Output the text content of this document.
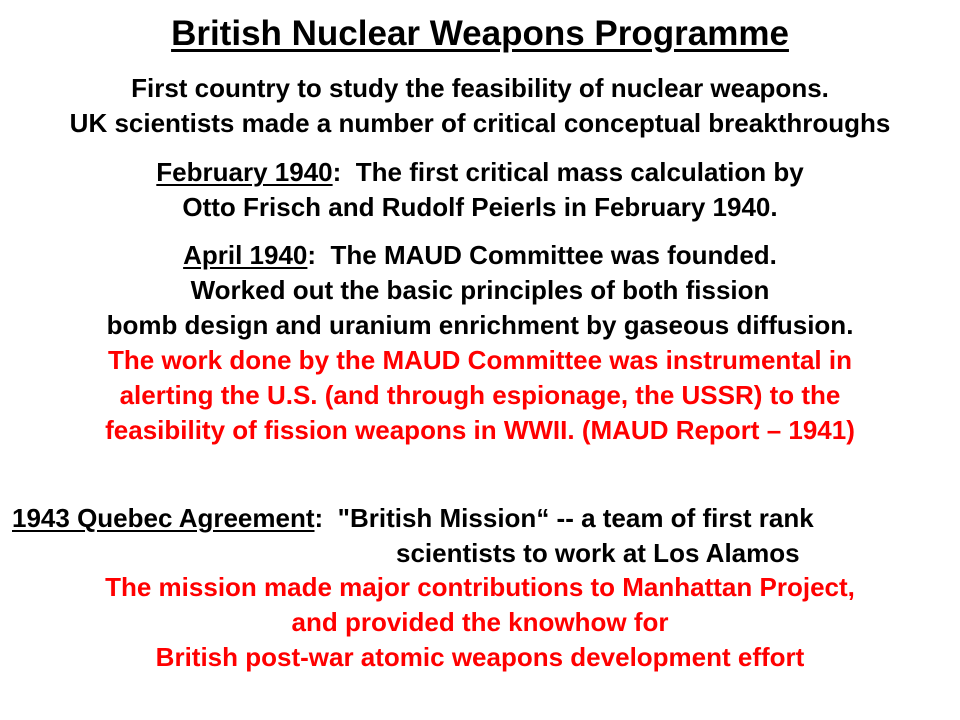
British Nuclear Weapons Programme
First country to study the feasibility of nuclear weapons.
UK scientists made a number of critical conceptual breakthroughs
February 1940:  The first critical mass calculation by
Otto Frisch and Rudolf Peierls in February 1940.
April 1940:  The MAUD Committee was founded.
Worked out the basic principles of both fission
bomb design and uranium enrichment by gaseous diffusion.
The work done by the MAUD Committee was instrumental in
alerting the U.S. (and through espionage, the USSR) to the
feasibility of fission weapons in WWII. (MAUD Report – 1941)
1943 Quebec Agreement:  "British Mission“ -- a team of first rank
scientists to work at Los Alamos
The mission made major contributions to Manhattan Project,
and provided the knowhow for
British post-war atomic weapons development effort
